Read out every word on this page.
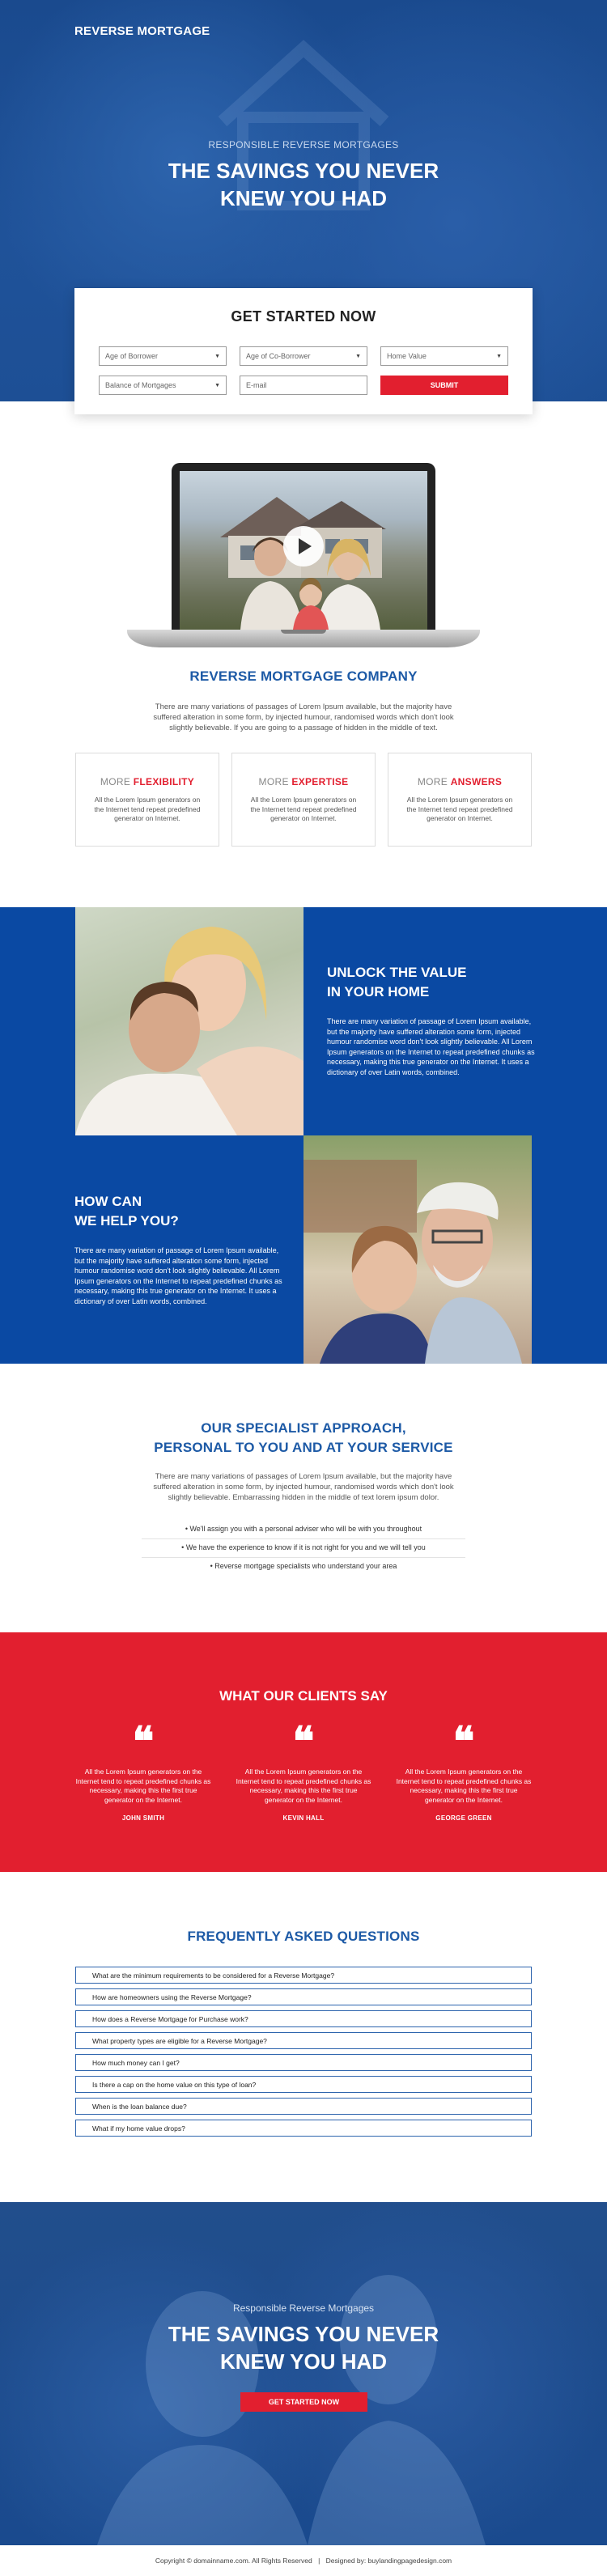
REVERSE MORTGAGE
RESPONSIBLE REVERSE MORTGAGES
THE SAVINGS YOU NEVER
KNEW YOU HAD
GET STARTED NOW
Age of Borrower	▼	Age of Co-Borrower	▼	Home Value	▼
Balance of Mortgages	▼	E-mail	SUBMIT
REVERSE MORTGAGE COMPANY
There are many variations of passages of Lorem Ipsum available, but the majority have suffered alteration in some form, by injected humour, randomised words which don't look slightly believable. If you are going to a passage of hidden in the middle of text.
MORE FLEXIBILITY

All the Lorem Ipsum generators on the Internet tend repeat predefined generator on Internet.

MORE EXPERTISE

All the Lorem Ipsum generators on the Internet tend repeat predefined generator on Internet.

MORE ANSWERS

All the Lorem Ipsum generators on the Internet tend repeat predefined generator on Internet.

UNLOCK THE VALUE
IN YOUR HOME
There are many variation of passage of Lorem Ipsum available, but the majority have suffered alteration some form, injected humour randomise word don't look slightly believable. All Lorem Ipsum generators on the Internet to repeat predefined chunks as necessary, making this true generator on the Internet. It uses a dictionary of over Latin words, combined.
HOW CAN
WE HELP YOU?
There are many variation of passage of Lorem Ipsum available, but the majority have suffered alteration some form, injected humour randomise word don't look slightly believable. All Lorem Ipsum generators on the Internet to repeat predefined chunks as necessary, making this true generator on the Internet. It uses a dictionary of over Latin words, combined.
OUR SPECIALIST APPROACH,
PERSONAL TO YOU AND AT YOUR SERVICE
There are many variations of passages of Lorem Ipsum available, but the majority have suffered alteration in some form, by injected humour, randomised words which don't look slightly believable. Embarrassing hidden in the middle of text lorem ipsum dolor.
• We'll assign you with a personal adviser who will be with you throughout
• We have the experience to know if it is not right for you and we will tell you
• Reverse mortgage specialists who understand your area
WHAT OUR CLIENTS SAY
❝

All the Lorem Ipsum generators on the Internet tend to repeat predefined chunks as necessary, making this the first true generator on the Internet.

JOHN SMITH
❝

All the Lorem Ipsum generators on the Internet tend to repeat predefined chunks as necessary, making this the first true generator on the Internet.

KEVIN HALL
❝

All the Lorem Ipsum generators on the Internet tend to repeat predefined chunks as necessary, making this the first true generator on the Internet.

GEORGE GREEN
FREQUENTLY ASKED QUESTIONS
What are the minimum requirements to be considered for a Reverse Mortgage?
How are homeowners using the Reverse Mortgage?
How does a Reverse Mortgage for Purchase work?
What property types are eligible for a Reverse Mortgage?
How much money can I get?
Is there a cap on the home value on this type of loan?
When is the loan balance due?
What if my home value drops?
Responsible Reverse Mortgages
THE SAVINGS YOU NEVER
KNEW YOU HAD
GET STARTED NOW
Copyright © domainname.com. All Rights Reserved | Designed by: buylandingpagedesign.com
